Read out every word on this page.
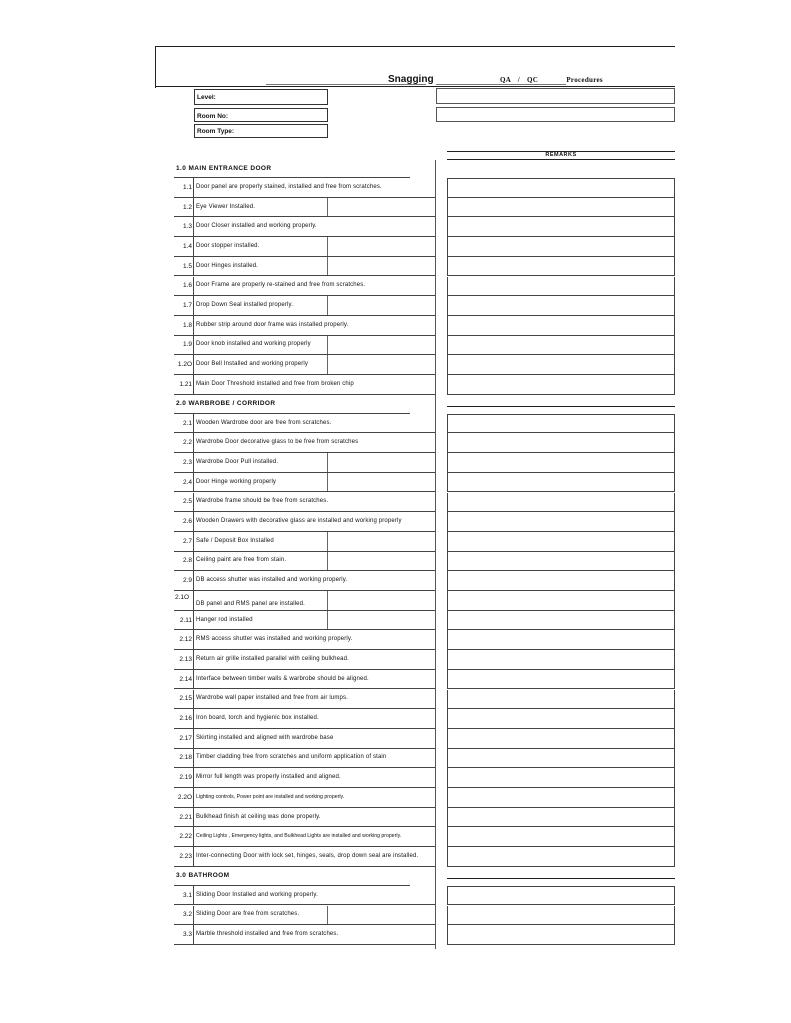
Snagging	QA / QC    Procedures
Level:
Room No:
Room Type:
REMARKS
1.0 MAIN ENTRANCE DOOR
1.1 Door panel are properly stained, installed and free from scratches.
1.2 Eye Viewer Installed.
1.3 Door Closer installed and working properly.
1.4 Door stopper installed.
1.5 Door Hinges installed.
1.6 Door Frame are properly re-stained and free from scratches.
1.7 Drop Down Seal installed properly.
1.8 Rubber strip around door frame was installed properly.
1.9 Door knob installed and working properly
1.2O Door Bell Installed and working properly
1.21 Main Door Threshold installed and free from broken chip
2.0 WARBROBE / CORRIDOR
2.1 Wooden Wardrobe door are free from scratches.
2.2 Wardrobe Door decorative glass to be free from scratches
2.3 Wardrobe Door Pull installed.
2.4 Door Hinge working properly
2.5 Wardrobe frame should be free from scratches.
2.6 Wooden Drawers with decorative glass are installed and working properly
2.7 Safe / Deposit Box Installed
2.8 Ceiling paint are free from stain.
2.9 DB access shutter was installed and working properly.
2.1O
DB panel and RMS panel are installed.
2.11 Hanger rod installed
2.12 RMS access shutter was installed and working properly.
2.13 Return air grille installed parallel with ceiling bulkhead.
2.14 Interface between timber walls & warbrobe should be aligned.
2.15 Wardrobe wall paper installed and free from air lumps.
2.16 Iron board, torch and hygienic box installed.
2.17 Skirting installed and aligned with wardrobe base
2.18 Timber cladding free from scratches and uniform application of stain
2.19 Mirror full length was properly installed and aligned.
2.2O Lighting controls, Power point are installed and working properly.
2.21 Bulkhead finish at ceiling was done properly.
2.22 Ceiling Lights , Emergency lights, and Bulkhead Lights are installed and working properly.
2.23 Inter-connecting Door with lock set, hinges, seals, drop down seal are installed.
3.0 BATHROOM
3.1 Sliding Door Installed and working properly.
3.2 Sliding Door are free from scratches.
3.3 Marble threshold installed and free from scratches.
